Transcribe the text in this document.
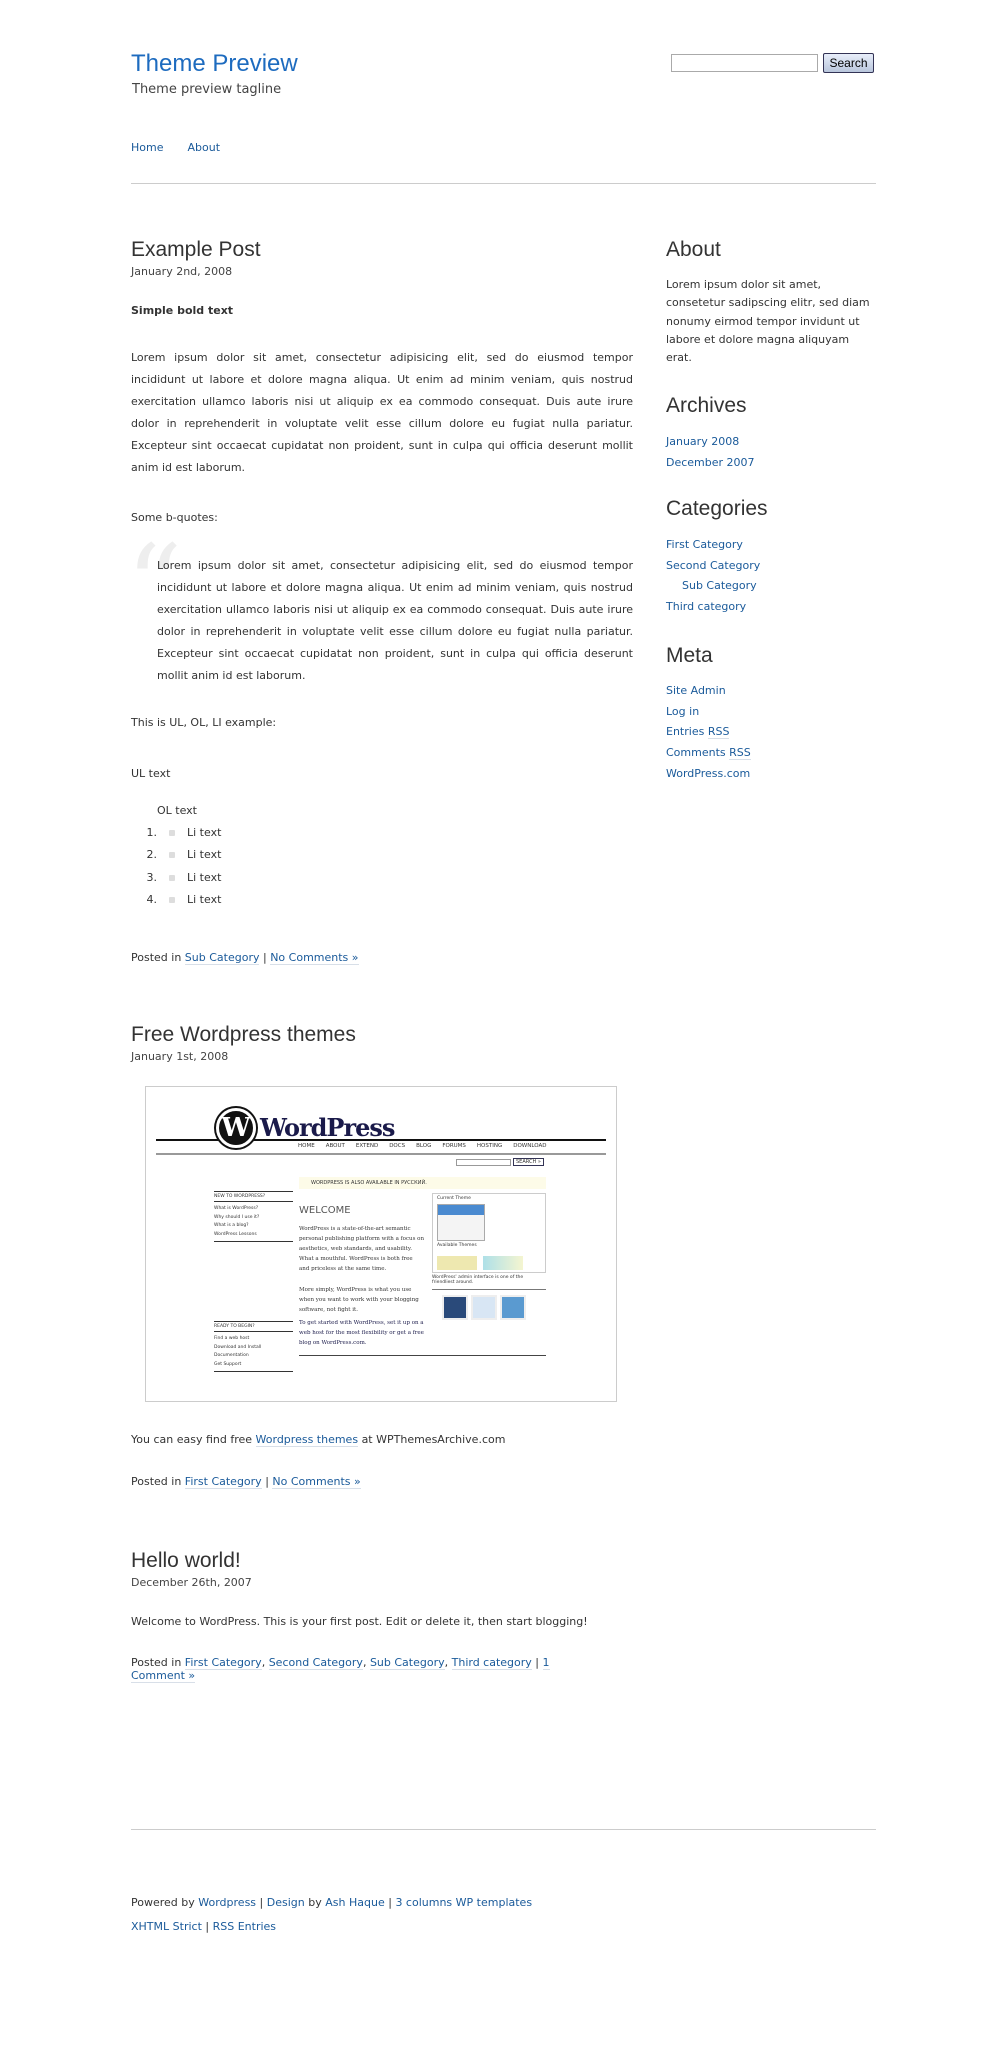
Theme Preview
Theme preview tagline
Search
Home About
Example Post
January 2nd, 2008
Simple bold text

Lorem ipsum dolor sit amet, consectetur adipisicing elit, sed do eiusmod tempor incididunt ut labore et dolore magna aliqua. Ut enim ad minim veniam, quis nostrud exercitation ullamco laboris nisi ut aliquip ex ea commodo consequat. Duis aute irure dolor in reprehenderit in voluptate velit esse cillum dolore eu fugiat nulla pariatur. Excepteur sint occaecat cupidatat non proident, sunt in culpa qui officia deserunt mollit anim id est laborum.

Some b-quotes:
“
Lorem ipsum dolor sit amet, consectetur adipisicing elit, sed do eiusmod tempor incididunt ut labore et dolore magna aliqua. Ut enim ad minim veniam, quis nostrud exercitation ullamco laboris nisi ut aliquip ex ea commodo consequat. Duis aute irure dolor in reprehenderit in voluptate velit esse cillum dolore eu fugiat nulla pariatur. Excepteur sint occaecat cupidatat non proident, sunt in culpa qui officia deserunt mollit anim id est laborum.
This is UL, OL, LI example:
UL text
OL text
1.	Li text
2.	Li text
3.	Li text
4.	Li text
Posted in Sub Category | No Comments »
Free Wordpress themes
January 1st, 2008
W WordPress
HOME ABOUT EXTEND DOCS BLOG FORUMS HOSTING DOWNLOAD
SEARCH »
WORDPRESS IS ALSO AVAILABLE IN РУССКИЙ.
WELCOME
WordPress is a state-of-the-art semantic personal publishing platform with a focus on aesthetics, web standards, and usability. What a mouthful. WordPress is both free and priceless at the same time.
More simply, WordPress is what you use when you want to work with your blogging software, not fight it.
To get started with WordPress, set it up on a web host for the most flexibility or get a free blog on WordPress.com.
NEW TO WORDPRESS?
What is WordPress?
Why should I use it?
What is a blog?
WordPress Lessons
READY TO BEGIN?
Find a web host
Download and Install
Documentation
Get Support
Current Theme
Available Themes
WordPress' admin interface is one of the friendliest around.
You can easy find free Wordpress themes at WPThemesArchive.com
Posted in First Category | No Comments »
Hello world!
December 26th, 2007
Welcome to WordPress. This is your first post. Edit or delete it, then start blogging!
Posted in First Category, Second Category, Sub Category, Third category | 1
Comment »
About
Lorem ipsum dolor sit amet, consetetur sadipscing elitr, sed diam nonumy eirmod tempor invidunt ut labore et dolore magna aliquyam erat.
Archives
January 2008
December 2007
Categories
First Category
Second Category
Sub Category
Third category
Meta
Site Admin
Log in
Entries RSS
Comments RSS
WordPress.com
Powered by Wordpress | Design by Ash Haque | 3 columns WP templates
XHTML Strict | RSS Entries
